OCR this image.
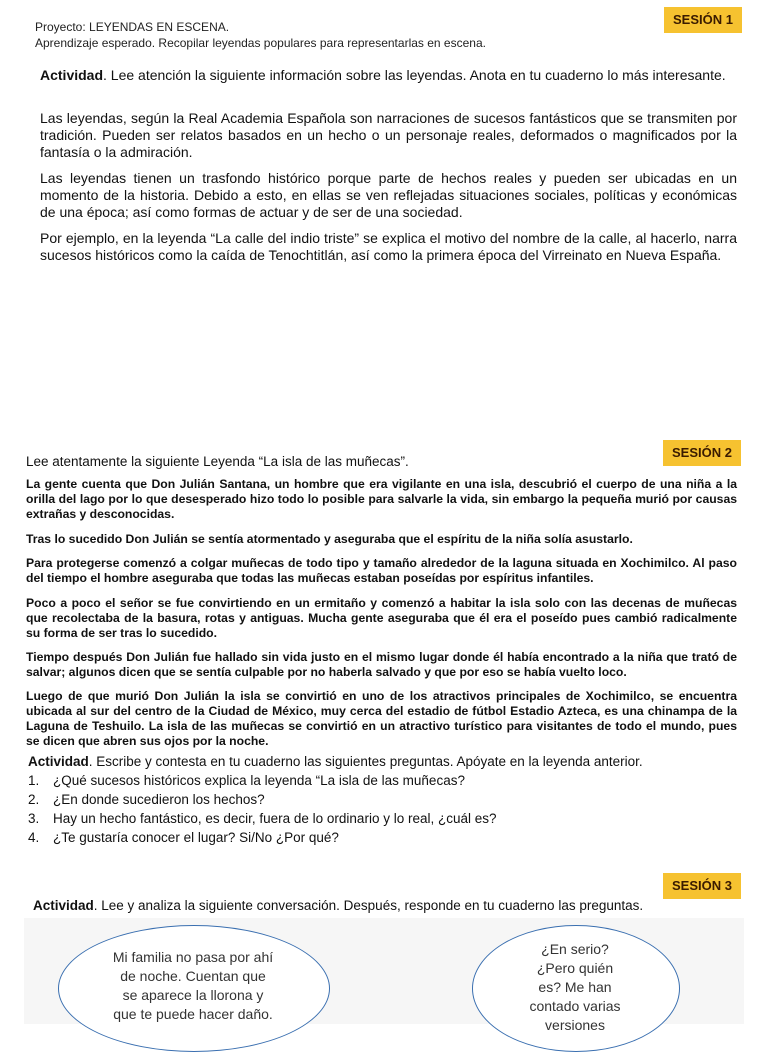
Proyecto: LEYENDAS EN ESCENA.
Aprendizaje esperado. Recopilar leyendas populares para representarlas en escena.
SESIÓN 1
Actividad. Lee atención la siguiente información sobre las leyendas. Anota en tu cuaderno lo más interesante.
Las leyendas, según la Real Academia Española son narraciones de sucesos fantásticos que se transmiten por tradición. Pueden ser relatos basados en un hecho o un personaje reales, deformados o magnificados por la fantasía o la admiración.
Las leyendas tienen un trasfondo histórico porque parte de hechos reales y pueden ser ubicadas en un momento de la historia. Debido a esto, en ellas se ven reflejadas situaciones sociales, políticas y económicas de una época; así como formas de actuar y de ser de una sociedad.
Por ejemplo, en la leyenda “La calle del indio triste” se explica el motivo del nombre de la calle, al hacerlo, narra sucesos históricos como la caída de Tenochtitlán, así como la primera época del Virreinato en Nueva España.
SESIÓN 2
Lee atentamente la siguiente Leyenda “La isla de las muñecas”.
La gente cuenta que Don Julián Santana, un hombre que era vigilante en una isla, descubrió el cuerpo de una niña a la orilla del lago por lo que desesperado hizo todo lo posible para salvarle la vida, sin embargo la pequeña murió por causas extrañas y desconocidas.
Tras lo sucedido Don Julián se sentía atormentado y aseguraba que el espíritu de la niña solía asustarlo.
Para protegerse comenzó a colgar muñecas de todo tipo y tamaño alrededor de la laguna situada en Xochimilco. Al paso del tiempo el hombre aseguraba que todas las muñecas estaban poseídas por espíritus infantiles.
Poco a poco el señor se fue convirtiendo en un ermitaño y comenzó a habitar la isla solo con las decenas de muñecas que recolectaba de la basura, rotas y antiguas. Mucha gente aseguraba que él era el poseído pues cambió radicalmente su forma de ser tras lo sucedido.
Tiempo después Don Julián fue hallado sin vida justo en el mismo lugar donde él había encontrado a la niña que trató de salvar; algunos dicen que se sentía culpable por no haberla salvado y que por eso se había vuelto loco.
Luego de que murió Don Julián la isla se convirtió en uno de los atractivos principales de Xochimilco, se encuentra ubicada al sur del centro de la Ciudad de México, muy cerca del estadio de fútbol Estadio Azteca, es una chinampa de la Laguna de Teshuilo. La isla de las muñecas se convirtió en un atractivo turístico para visitantes de todo el mundo, pues se dicen que abren sus ojos por la noche.
Actividad. Escribe y contesta en tu cuaderno las siguientes preguntas. Apóyate en la leyenda anterior.
1. ¿Qué sucesos históricos explica la leyenda “La isla de las muñecas?
2. ¿En donde sucedieron los hechos?
3. Hay un hecho fantástico, es decir, fuera de lo ordinario y lo real, ¿cuál es?
4. ¿Te gustaría conocer el lugar? Si/No ¿Por qué?
SESIÓN 3
Actividad. Lee y analiza la siguiente conversación. Después, responde en tu cuaderno las preguntas.
Mi familia no pasa por ahí
de noche. Cuentan que
se aparece la llorona y
que te puede hacer daño.
¿En serio?
¿Pero quién
es? Me han
contado varias
versiones
